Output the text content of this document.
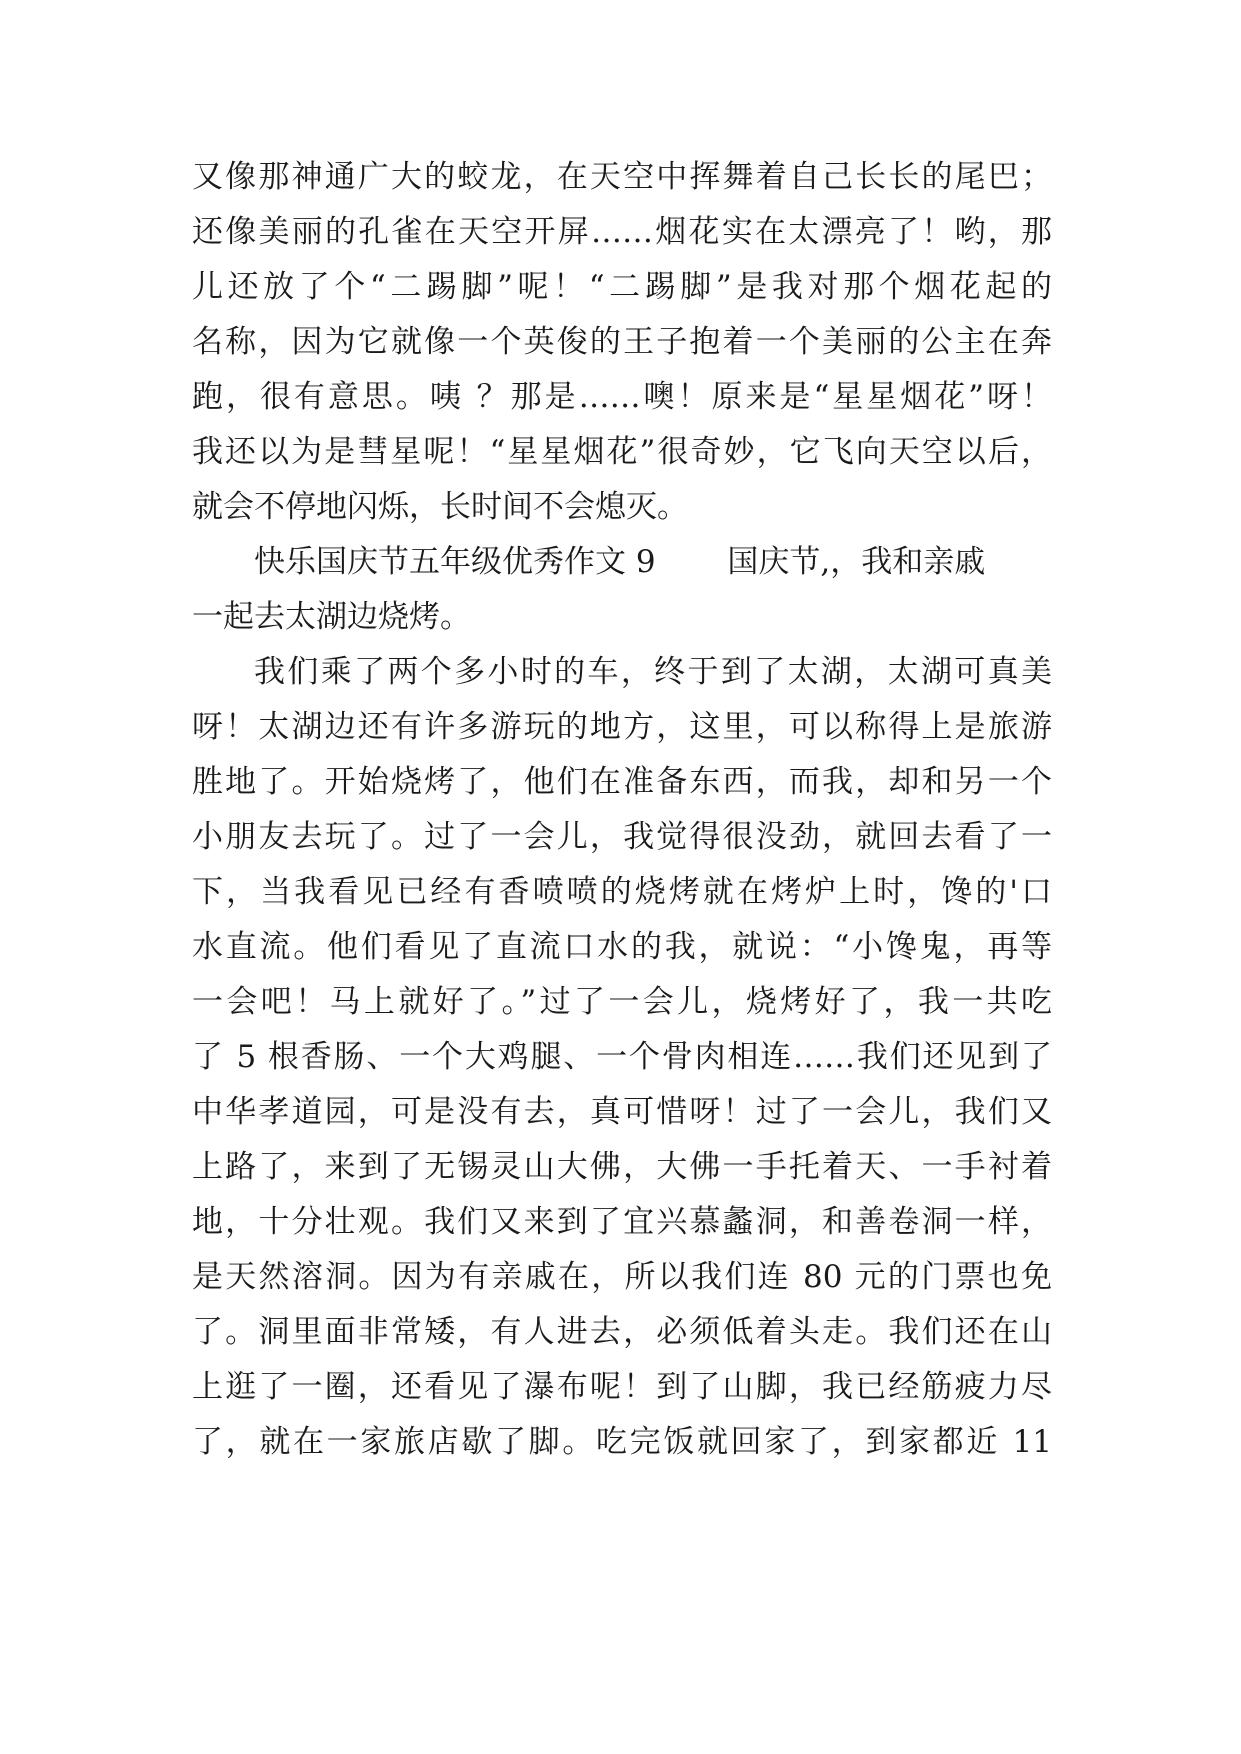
又像那神通广大的蛟龙，在天空中挥舞着自己长长的尾巴；
还像美丽的孔雀在天空开屏……烟花实在太漂亮了！哟，那
儿还放了个“二踢脚”呢！“二踢脚”是我对那个烟花起的
名称，因为它就像一个英俊的王子抱着一个美丽的公主在奔
跑，很有意思。咦 ？那是……噢！原来是“星星烟花”呀！
我还以为是彗星呢！“星星烟花”很奇妙，它飞向天空以后，
就会不停地闪烁，长时间不会熄灭。
快乐国庆节五年级优秀作文 9　　 国庆节,，我和亲戚
一起去太湖边烧烤。
我们乘了两个多小时的车，终于到了太湖，太湖可真美
呀！太湖边还有许多游玩的地方，这里，可以称得上是旅游
胜地了。开始烧烤了，他们在准备东西，而我，却和另一个
小朋友去玩了。过了一会儿，我觉得很没劲，就回去看了一
下，当我看见已经有香喷喷的烧烤就在烤炉上时，馋的'口
水直流。他们看见了直流口水的我，就说：“小馋鬼，再等
一会吧！马上就好了。”过了一会儿，烧烤好了，我一共吃
了 5 根香肠、一个大鸡腿、一个骨肉相连……我们还见到了
中华孝道园，可是没有去，真可惜呀！过了一会儿，我们又
上路了，来到了无锡灵山大佛，大佛一手托着天、一手衬着
地，十分壮观。我们又来到了宜兴慕蠡洞，和善卷洞一样，
是天然溶洞。因为有亲戚在，所以我们连 80 元的门票也免
了。洞里面非常矮，有人进去，必须低着头走。我们还在山
上逛了一圈，还看见了瀑布呢！到了山脚，我已经筋疲力尽
了，就在一家旅店歇了脚。吃完饭就回家了，到家都近 11
